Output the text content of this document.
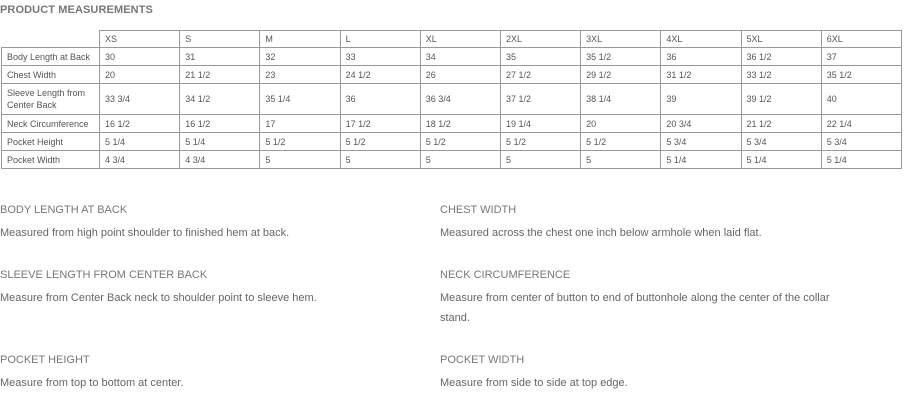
PRODUCT MEASUREMENTS
	XS	S	M	L	XL	2XL	3XL	4XL	5XL	6XL
Body Length at Back	30	31	32	33	34	35	35 1/2	36	36 1/2	37
Chest Width	20	21 1/2	23	24 1/2	26	27 1/2	29 1/2	31 1/2	33 1/2	35 1/2
Sleeve Length from Center Back	33 3/4	34 1/2	35 1/4	36	36 3/4	37 1/2	38 1/4	39	39 1/2	40
Neck Circumference	16 1/2	16 1/2	17	17 1/2	18 1/2	19 1/4	20	20 3/4	21 1/2	22 1/4
Pocket Height	5 1/4	5 1/4	5 1/2	5 1/2	5 1/2	5 1/2	5 1/2	5 3/4	5 3/4	5 3/4
Pocket Width	4 3/4	4 3/4	5	5	5	5	5	5 1/4	5 1/4	5 1/4
BODY LENGTH AT BACK
Measured from high point shoulder to finished hem at back.
CHEST WIDTH
Measured across the chest one inch below armhole when laid flat.
SLEEVE LENGTH FROM CENTER BACK
Measure from Center Back neck to shoulder point to sleeve hem.
NECK CIRCUMFERENCE
Measure from center of button to end of buttonhole along the center of the collar stand.
POCKET HEIGHT
Measure from top to bottom at center.
POCKET WIDTH
Measure from side to side at top edge.
